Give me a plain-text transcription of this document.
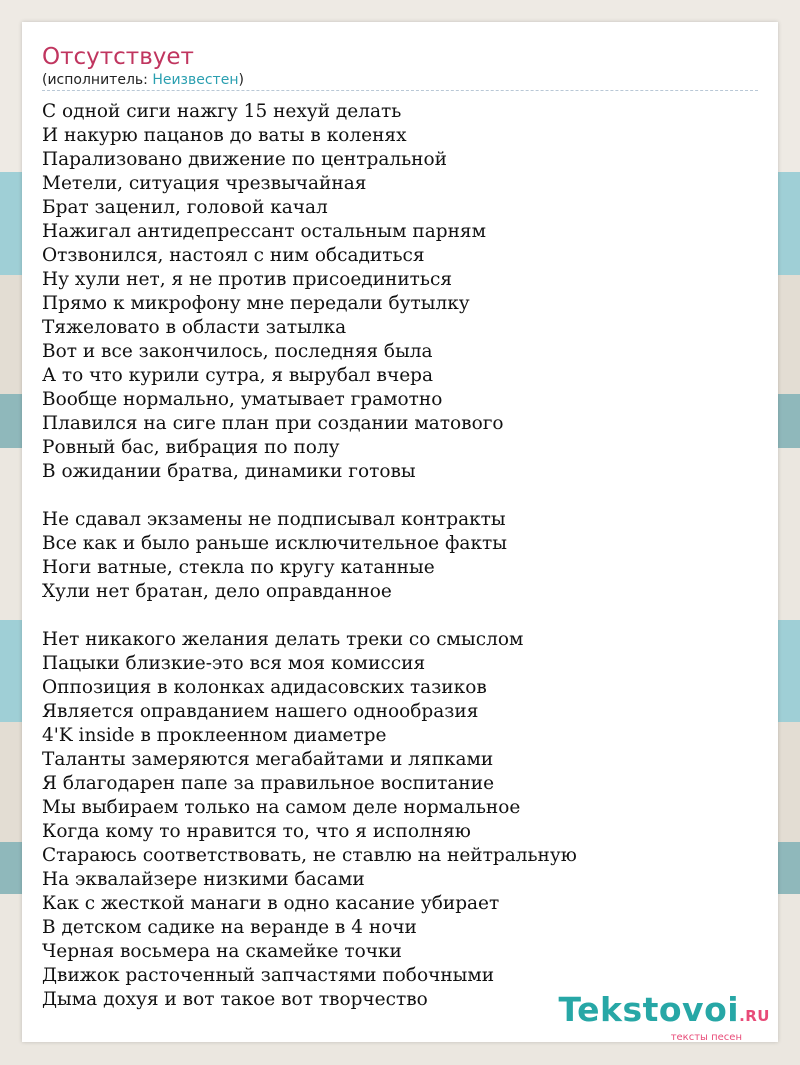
Отсутствует
(исполнитель: Неизвестен)
С одной сиги нажгу 15 нехуй делать
И накурю пацанов до ваты в коленях
Парализовано движение по центральной
Метели, ситуация чрезвычайная
Брат заценил, головой качал
Нажигал антидепрессант остальным парням
Отзвонился, настоял с ним обсадиться
Ну хули нет, я не против присоединиться
Прямо к микрофону мне передали бутылку
Тяжеловато в области затылка
Вот и все закончилось, последняя была
А то что курили сутра, я вырубал вчера
Вообще нормально, уматывает грамотно
Плавился на сиге план при создании матового
Ровный бас, вибрация по полу
В ожидании братва, динамики готовы
Не сдавал экзамены не подписывал контракты
Все как и было раньше исключительное факты
Ноги ватные, стекла по кругу катанные
Хули нет братан, дело оправданное
Нет никакого желания делать треки со смыслом
Пацыки близкие-это вся моя комиссия
Оппозиция в колонках адидасовских тазиков
Является оправданием нашего однообразия
4'K inside в проклеенном диаметре
Таланты замеряются мегабайтами и ляпками
Я благодарен папе за правильное воспитание
Мы выбираем только на самом деле нормальное
Когда кому то нравится то, что я исполняю
Стараюсь соответствовать, не ставлю на нейтральную
На эквалайзере низкими басами
Как с жесткой манаги в одно касание убирает
В детском садике на веранде в 4 ночи
Черная восьмера на скамейке точки
Движок расточенный запчастями побочными
Дыма дохуя и вот такое вот творчество	Tekstovoi.RU
тексты песен
